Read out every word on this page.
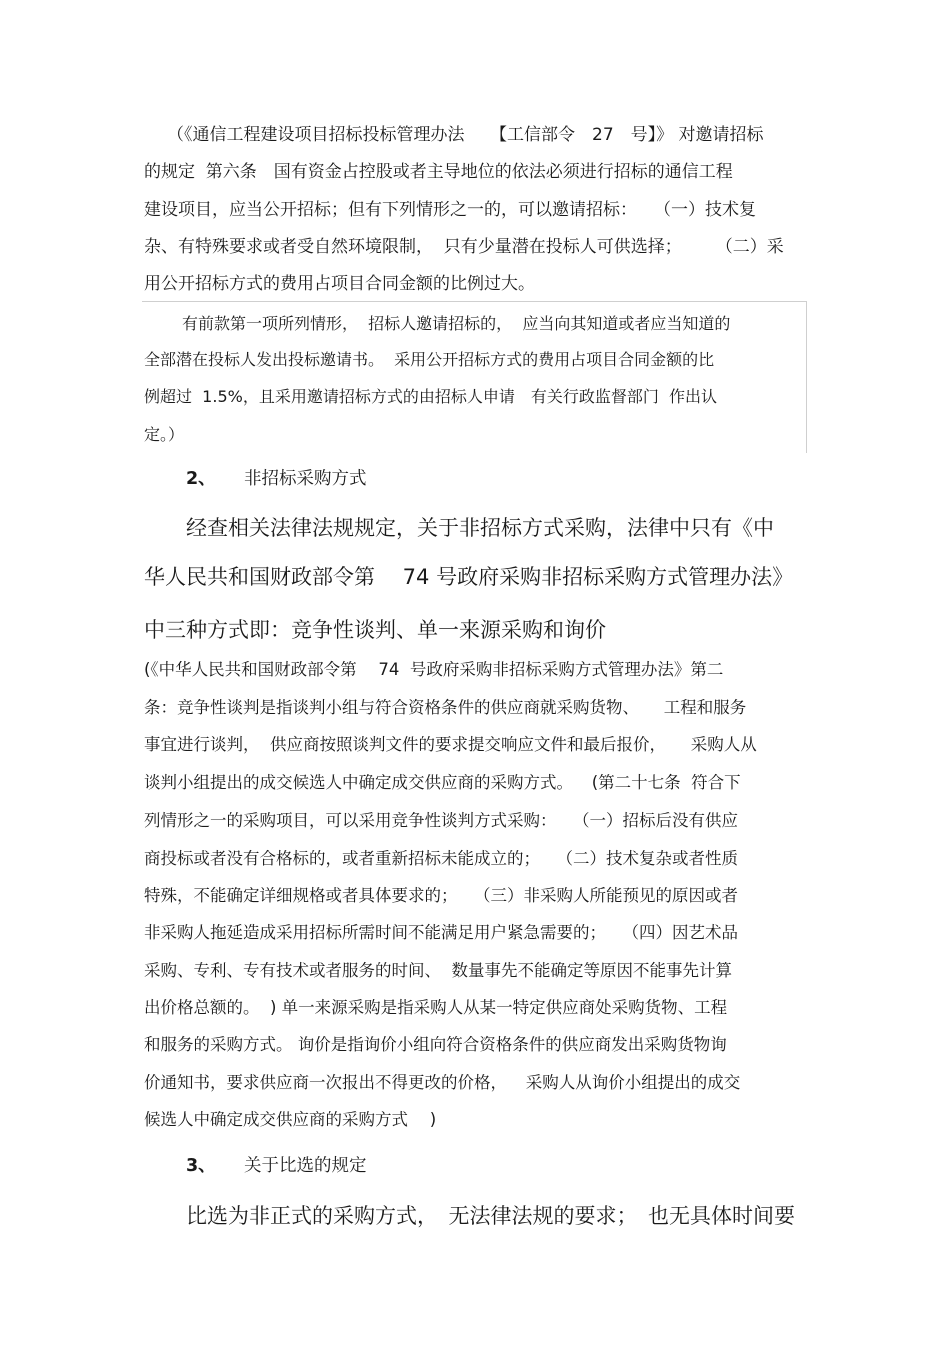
（《通信工程建设项目招标投标管理办法　　【工信部令　27　号】》 对邀请招标
的规定  第六条　国有资金占控股或者主导地位的依法必须进行招标的通信工程
建设项目，应当公开招标；但有下列情形之一的，可以邀请招标：　　（一）技术复
杂、有特殊要求或者受自然环境限制，  只有少量潜在投标人可供选择；　　　（二）采
用公开招标方式的费用占项目合同金额的比例过大。
有前款第一项所列情形，  招标人邀请招标的，  应当向其知道或者应当知道的
全部潜在投标人发出投标邀请书。  采用公开招标方式的费用占项目合同金额的比
例超过  1.5%，且采用邀请招标方式的由招标人申请　有关行政监督部门  作出认
定。）
2、 非招标采购方式
经查相关法律法规规定，关于非招标方式采购，法律中只有《中
华人民共和国财政部令第　 74 号政府采购非招标采购方式管理办法》
中三种方式即：竞争性谈判、单一来源采购和询价
(《中华人民共和国财政部令第　 74  号政府采购非招标采购方式管理办法》第二
条：竞争性谈判是指谈判小组与符合资格条件的供应商就采购货物、　　工程和服务
事宜进行谈判，  供应商按照谈判文件的要求提交响应文件和最后报价，　　采购人从
谈判小组提出的成交候选人中确定成交供应商的采购方式。　  (第二十七条  符合下
列情形之一的采购项目，可以采用竞争性谈判方式采购：　　（一）招标后没有供应
商投标或者没有合格标的，或者重新招标未能成立的；　　（二）技术复杂或者性质
特殊，不能确定详细规格或者具体要求的；　　（三）非采购人所能预见的原因或者
非采购人拖延造成采用招标所需时间不能满足用户紧急需要的；　　（四）因艺术品
采购、专利、专有技术或者服务的时间、  数量事先不能确定等原因不能事先计算
出价格总额的。  ) 单一来源采购是指采购人从某一特定供应商处采购货物、工程
和服务的采购方式。 询价是指询价小组向符合资格条件的供应商发出采购货物询
价通知书，要求供应商一次报出不得更改的价格，　  采购人从询价小组提出的成交
候选人中确定成交供应商的采购方式　 )
3、 关于比选的规定
比选为非正式的采购方式，　无法律法规的要求；　也无具体时间要
